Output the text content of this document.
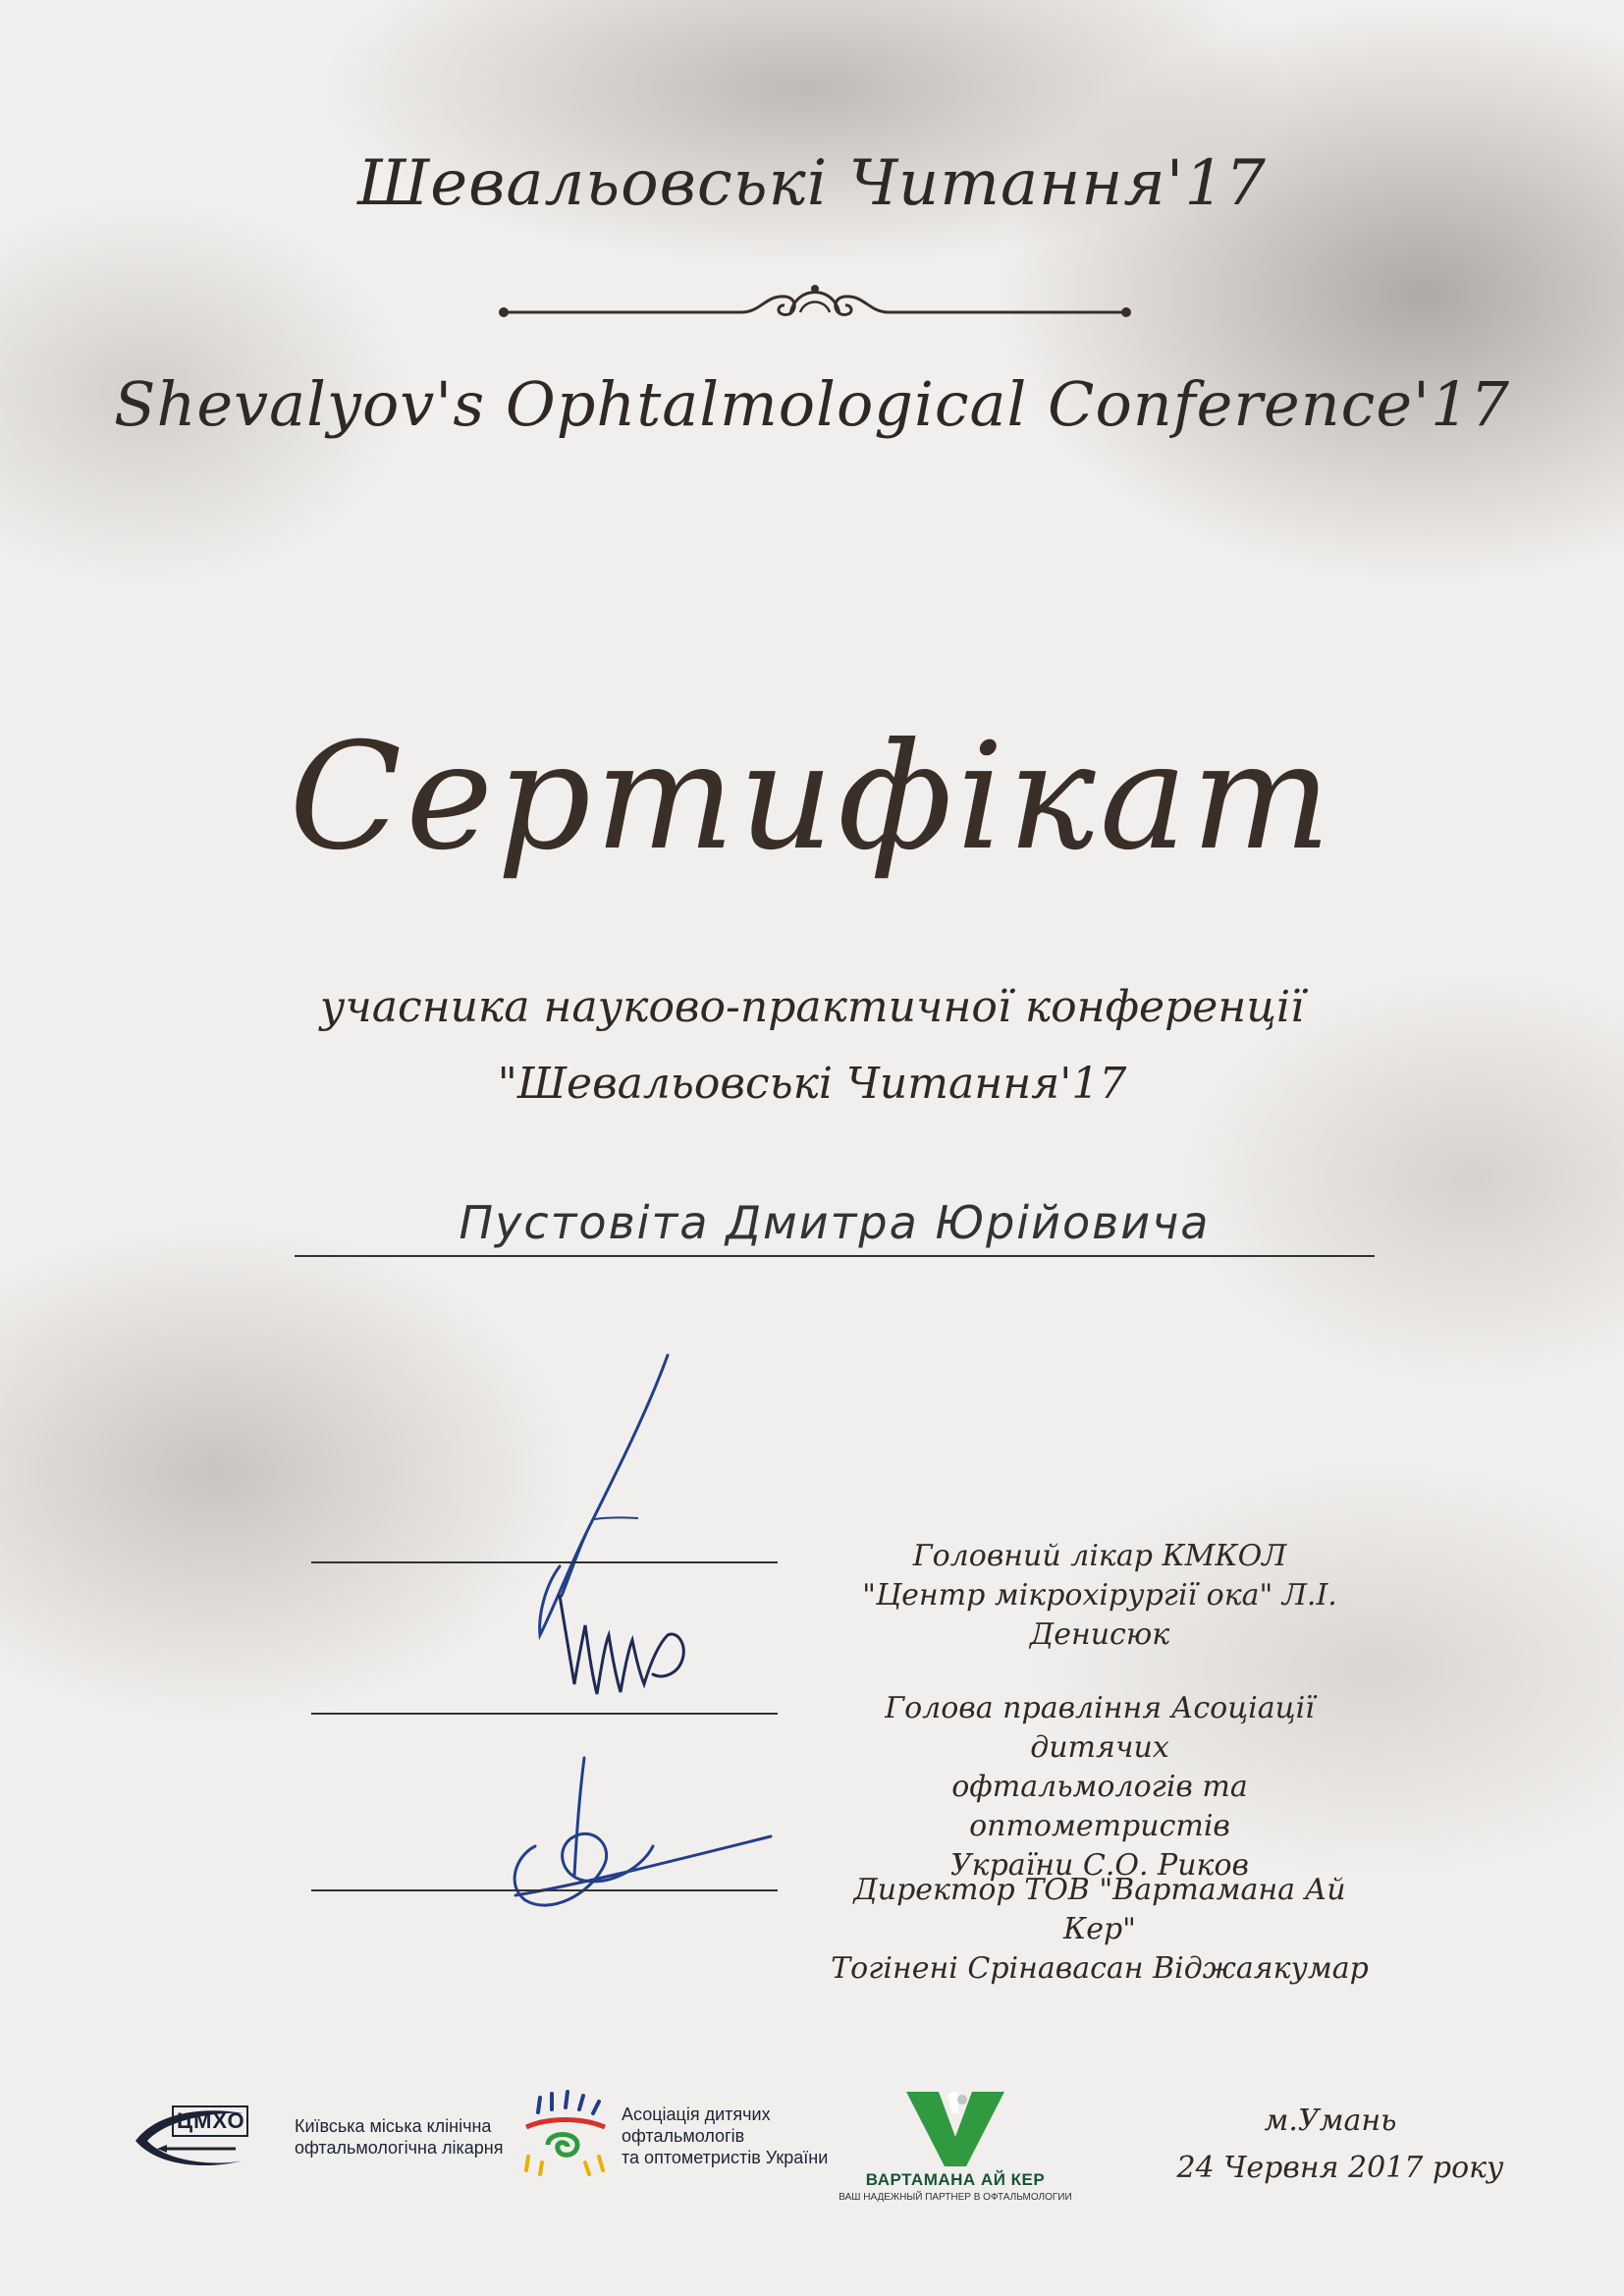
Шевальовські Читання'17
Shevalyov's Ophtalmological Conference'17
Сертифікат
учасника науково-практичної конференції
"Шевальовські Читання'17
Пустовіта Дмитра Юрійовича
Головний лікар КМКОЛ
"Центр мікрохірургії ока" Л.І. Денисюк
Голова правління Асоціації дитячих
офтальмологів та оптометристів
України С.О. Риков
Директор ТОВ "Вартамана Ай Кер"
Тогінені Срінавасан Віджаякумар
ЦМХО	Київська міська клінічна
офтальмологічна лікарня
Асоціація дитячих
офтальмологів
та оптометристів України
ВАРТАМАНА АЙ КЕР
ВАШ НАДЕЖНЫЙ ПАРТНЕР В ОФТАЛЬМОЛОГИИ
м.Умань
24 Червня 2017 року
